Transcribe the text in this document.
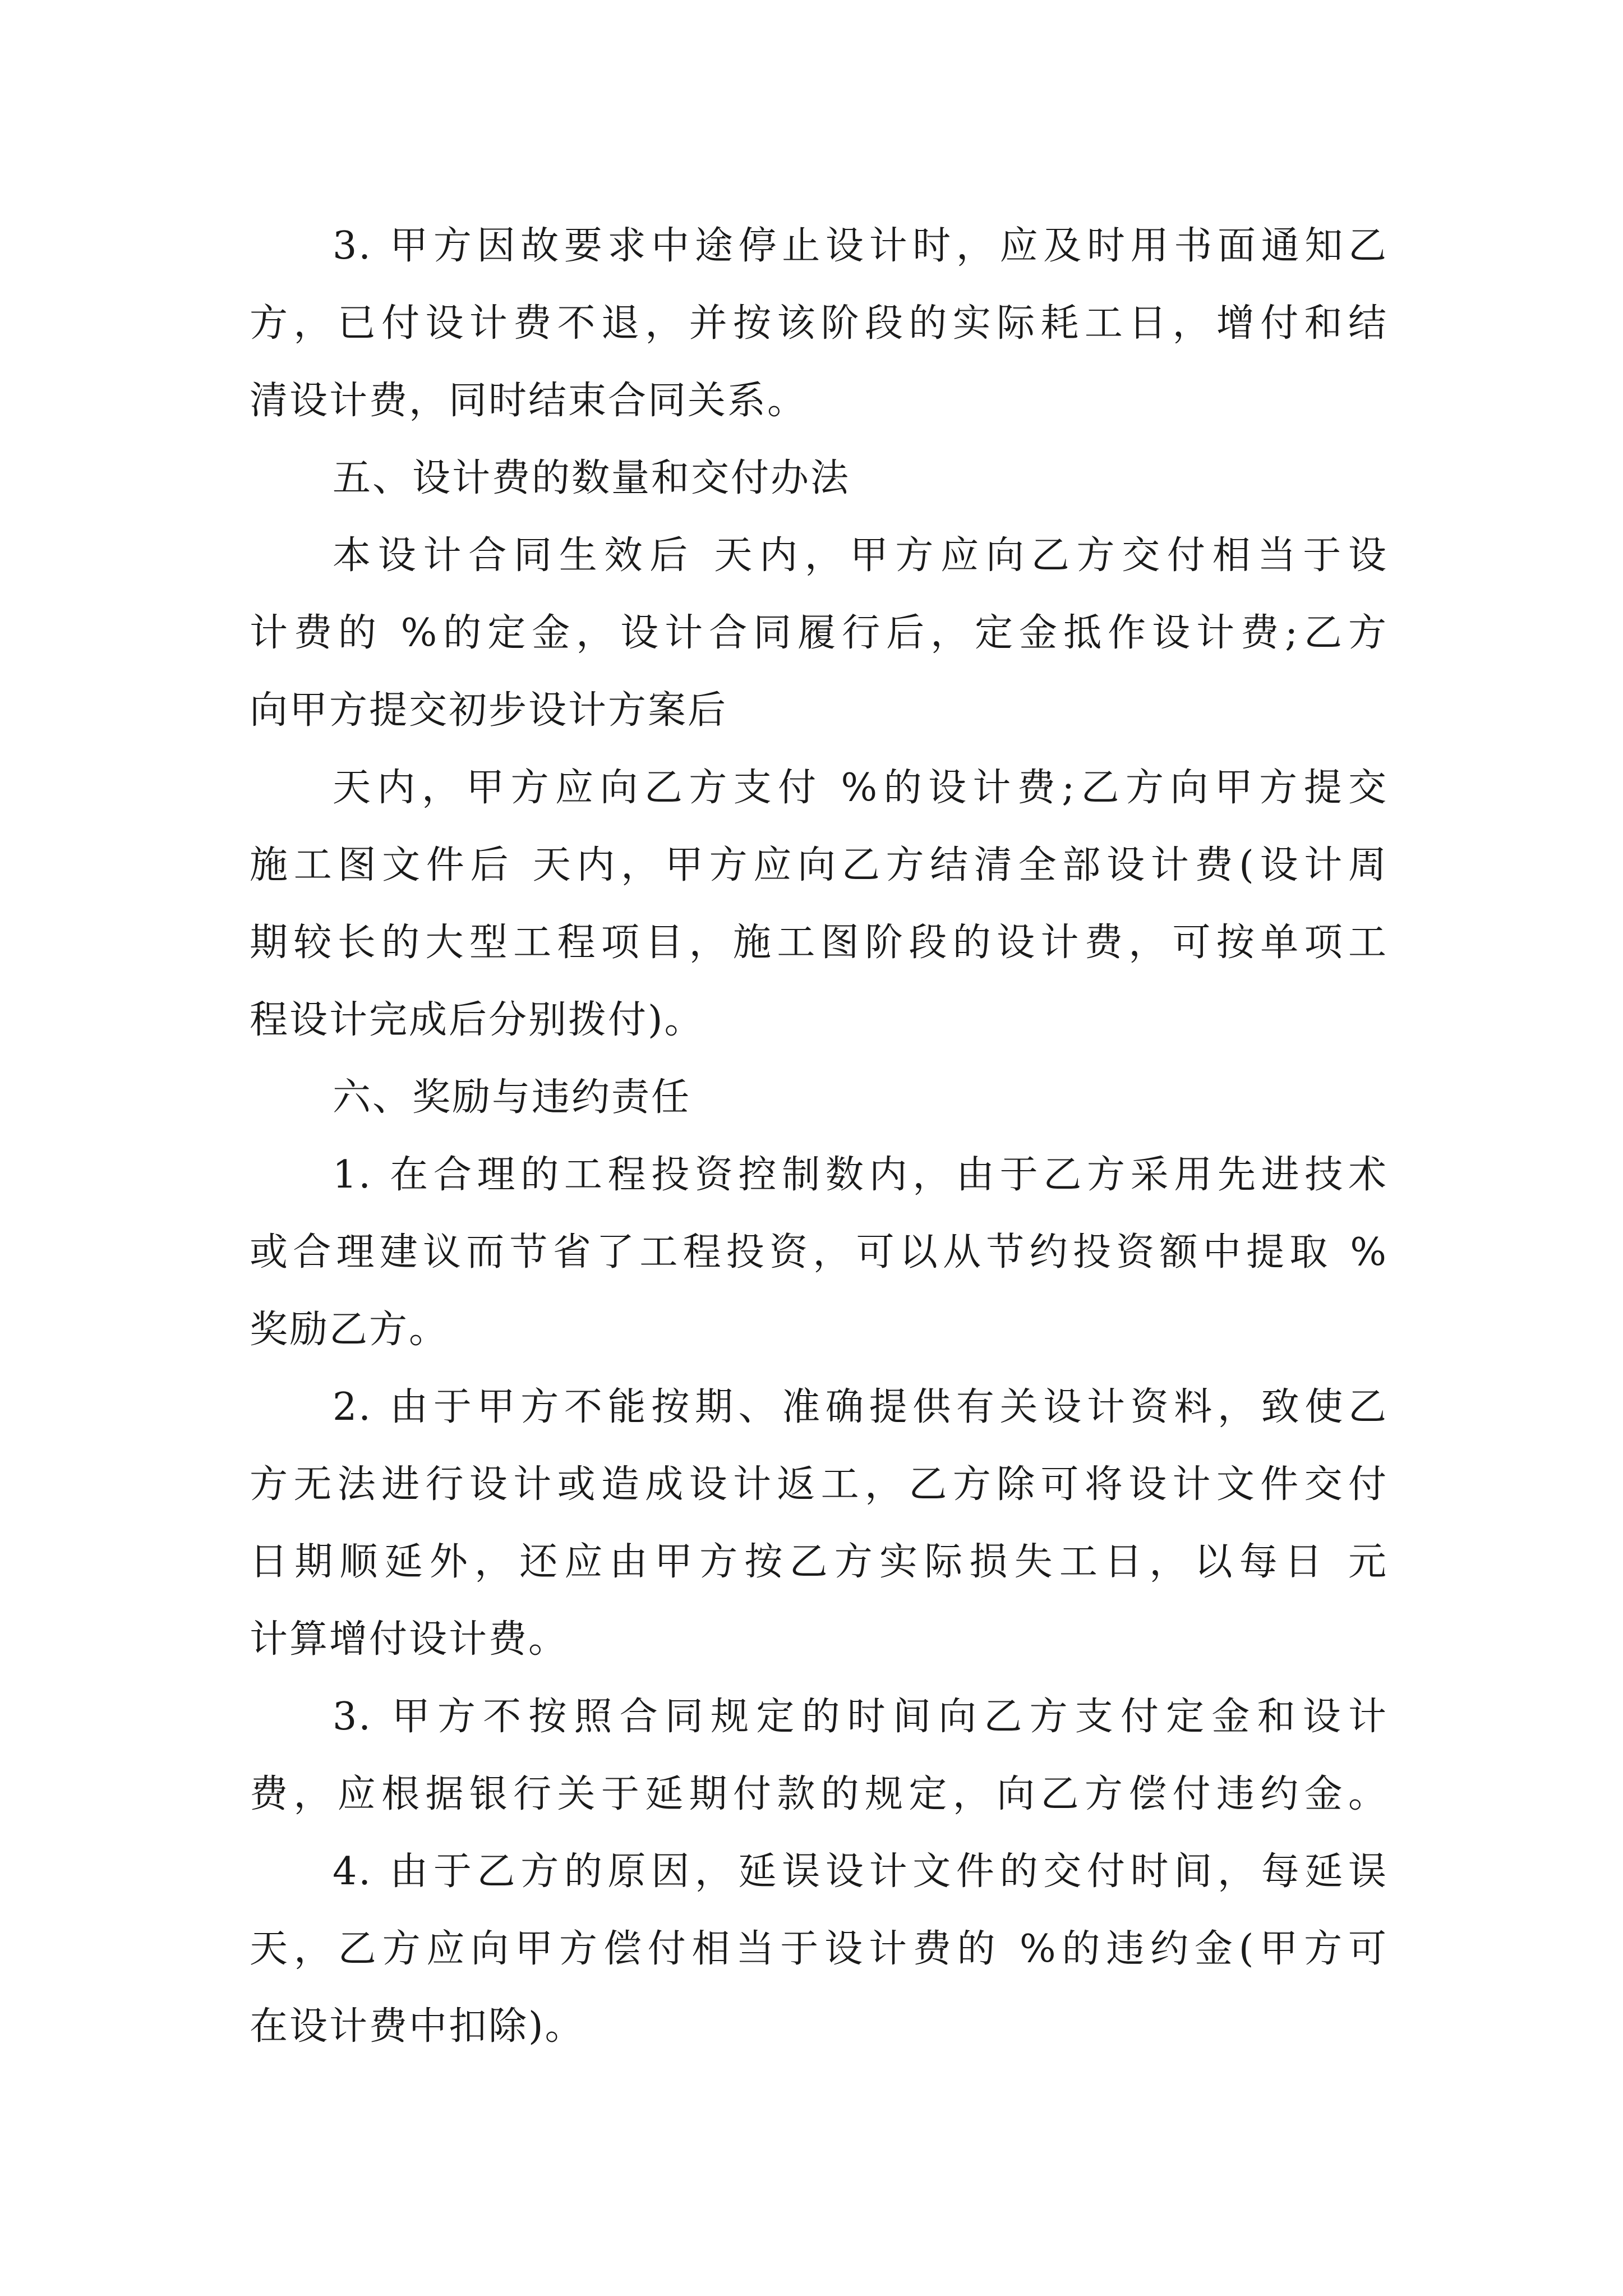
3. 甲方因故要求中途停止设计时，应及时用书面通知乙
方，已付设计费不退，并按该阶段的实际耗工日，增付和结
清设计费，同时结束合同关系。
五、设计费的数量和交付办法
本设计合同生效后 天内，甲方应向乙方交付相当于设
计费的 %的定金，设计合同履行后，定金抵作设计费;乙方
向甲方提交初步设计方案后
天内，甲方应向乙方支付 %的设计费;乙方向甲方提交
施工图文件后 天内，甲方应向乙方结清全部设计费(设计周
期较长的大型工程项目，施工图阶段的设计费，可按单项工
程设计完成后分别拨付)。
六、奖励与违约责任
1. 在合理的工程投资控制数内，由于乙方采用先进技术
或合理建议而节省了工程投资，可以从节约投资额中提取 %
奖励乙方。
2. 由于甲方不能按期、准确提供有关设计资料，致使乙
方无法进行设计或造成设计返工，乙方除可将设计文件交付
日期顺延外，还应由甲方按乙方实际损失工日，以每日 元
计算增付设计费。
3. 甲方不按照合同规定的时间向乙方支付定金和设计
费，应根据银行关于延期付款的规定，向乙方偿付违约金。
4. 由于乙方的原因，延误设计文件的交付时间，每延误
天，乙方应向甲方偿付相当于设计费的 %的违约金(甲方可
在设计费中扣除)。
